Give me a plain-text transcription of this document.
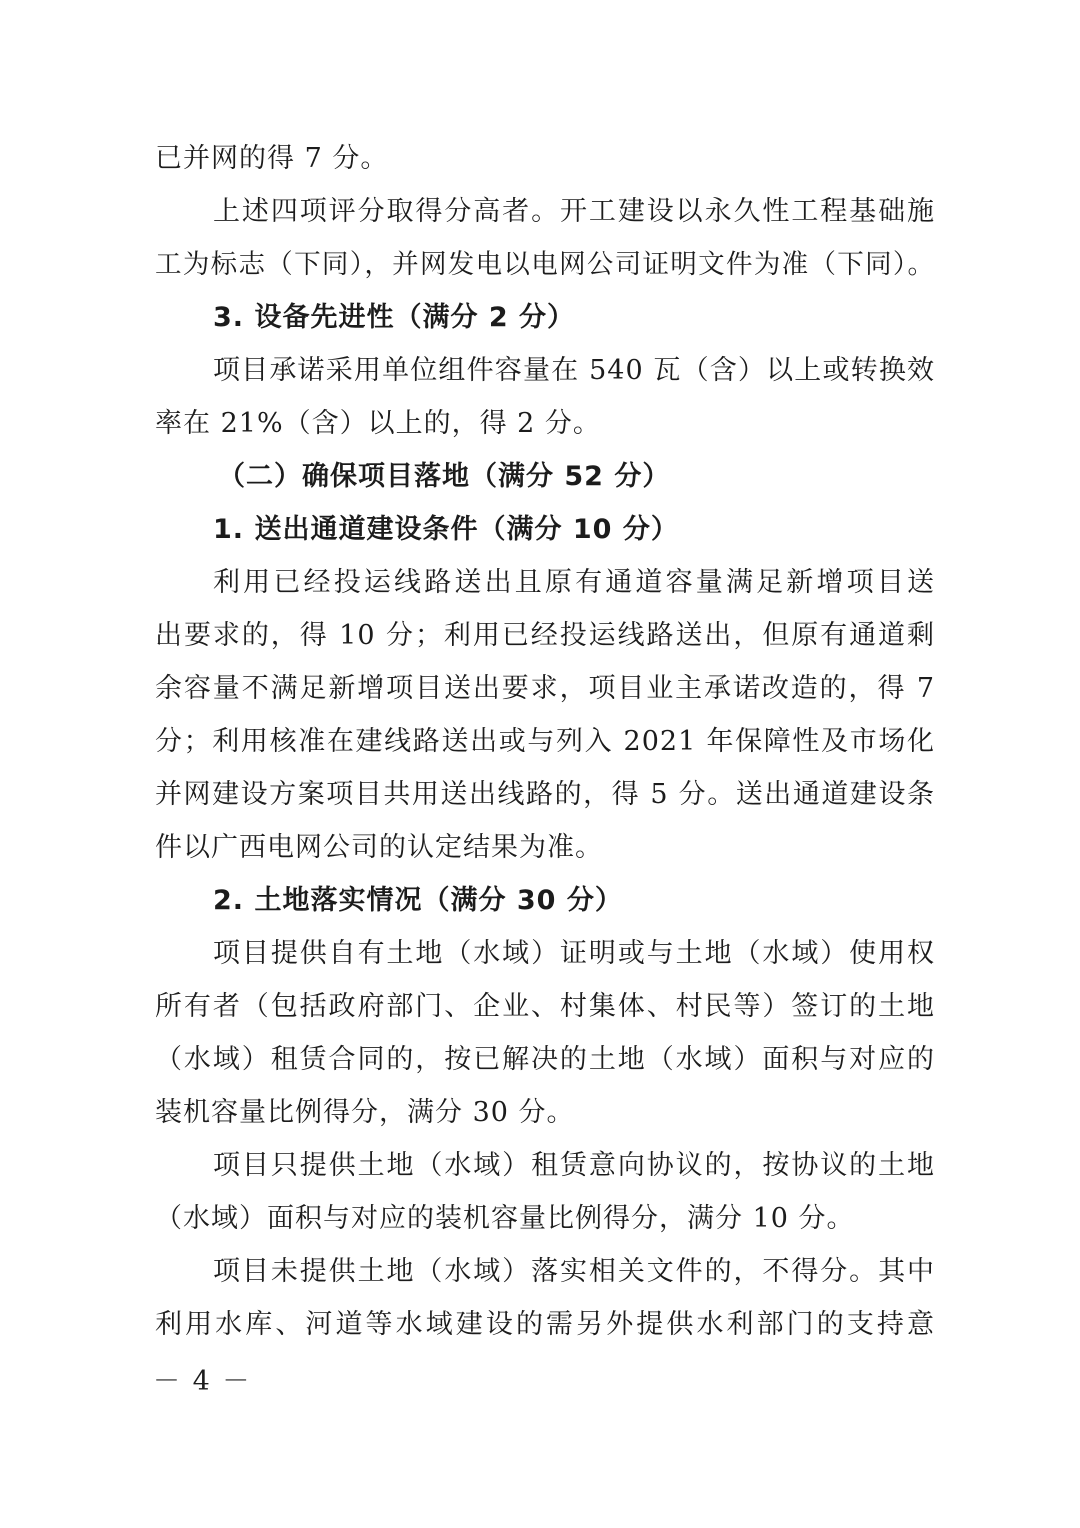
已并网的得 7 分。

上述四项评分取得分高者。开工建设以永久性工程基础施

工为标志（下同），并网发电以电网公司证明文件为准（下同）。

3. 设备先进性（满分 2 分）

项目承诺采用单位组件容量在 540 瓦（含）以上或转换效

率在 21%（含）以上的，得 2 分。

（二）确保项目落地（满分 52 分）

1. 送出通道建设条件（满分 10 分）

利用已经投运线路送出且原有通道容量满足新增项目送

出要求的，得 10 分；利用已经投运线路送出，但原有通道剩

余容量不满足新增项目送出要求，项目业主承诺改造的，得 7

分；利用核准在建线路送出或与列入 2021 年保障性及市场化

并网建设方案项目共用送出线路的，得 5 分。送出通道建设条

件以广西电网公司的认定结果为准。

2. 土地落实情况（满分 30 分）

项目提供自有土地（水域）证明或与土地（水域）使用权

所有者（包括政府部门、企业、村集体、村民等）签订的土地

（水域）租赁合同的，按已解决的土地（水域）面积与对应的

装机容量比例得分，满分 30 分。

项目只提供土地（水域）租赁意向协议的，按协议的土地

（水域）面积与对应的装机容量比例得分，满分 10 分。

项目未提供土地（水域）落实相关文件的，不得分。其中

利用水库、河道等水域建设的需另外提供水利部门的支持意

－ 4 －
